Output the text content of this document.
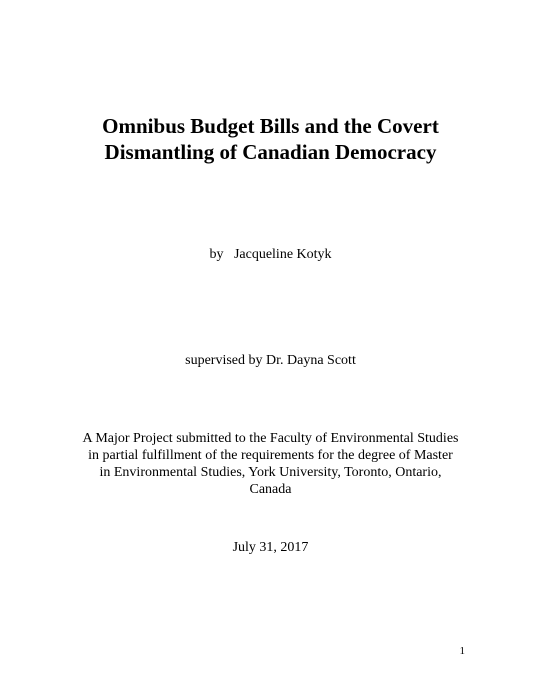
Omnibus Budget Bills and the Covert
Dismantling of Canadian Democracy
by   Jacqueline Kotyk
supervised by Dr. Dayna Scott
A Major Project submitted to the Faculty of Environmental Studies
in partial fulfillment of the requirements for the degree of Master
in Environmental Studies, York University, Toronto, Ontario,
Canada
July 31, 2017
1
